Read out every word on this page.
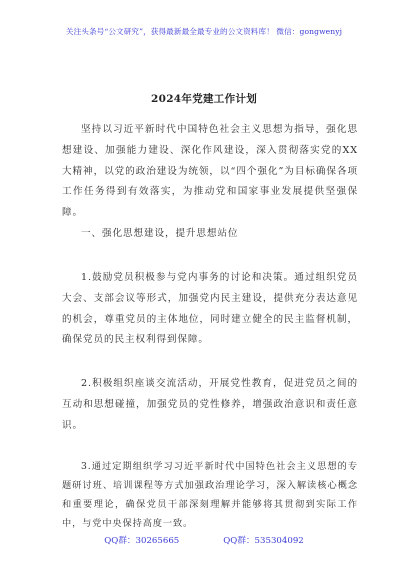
关注头条号“公文研究”，获得最新最全最专业的公文资料库！ 微信：gongwenyj
2024年党建工作计划

坚持以习近平新时代中国特色社会主义思想为指导，强化思想建设、加强能力建设、深化作风建设，深入贯彻落实党的XX大精神，以党的政治建设为统领，以“四个强化”为目标确保各项工作任务得到有效落实，为推动党和国家事业发展提供坚强保障。

一、强化思想建设，提升思想站位

1.鼓励党员积极参与党内事务的讨论和决策。通过组织党员大会、支部会议等形式，加强党内民主建设，提供充分表达意见的机会，尊重党员的主体地位，同时建立健全的民主监督机制，确保党员的民主权利得到保障。

2.积极组织座谈交流活动，开展党性教育，促进党员之间的互动和思想碰撞，加强党员的党性修养，增强政治意识和责任意识。

3.通过定期组织学习习近平新时代中国特色社会主义思想的专题研讨班、培训课程等方式加强政治理论学习，深入解读核心概念和重要理论，确保党员干部深刻理解并能够将其贯彻到实际工作中，与党中央保持高度一致。

QQ群：30265665	QQ群：535304092
